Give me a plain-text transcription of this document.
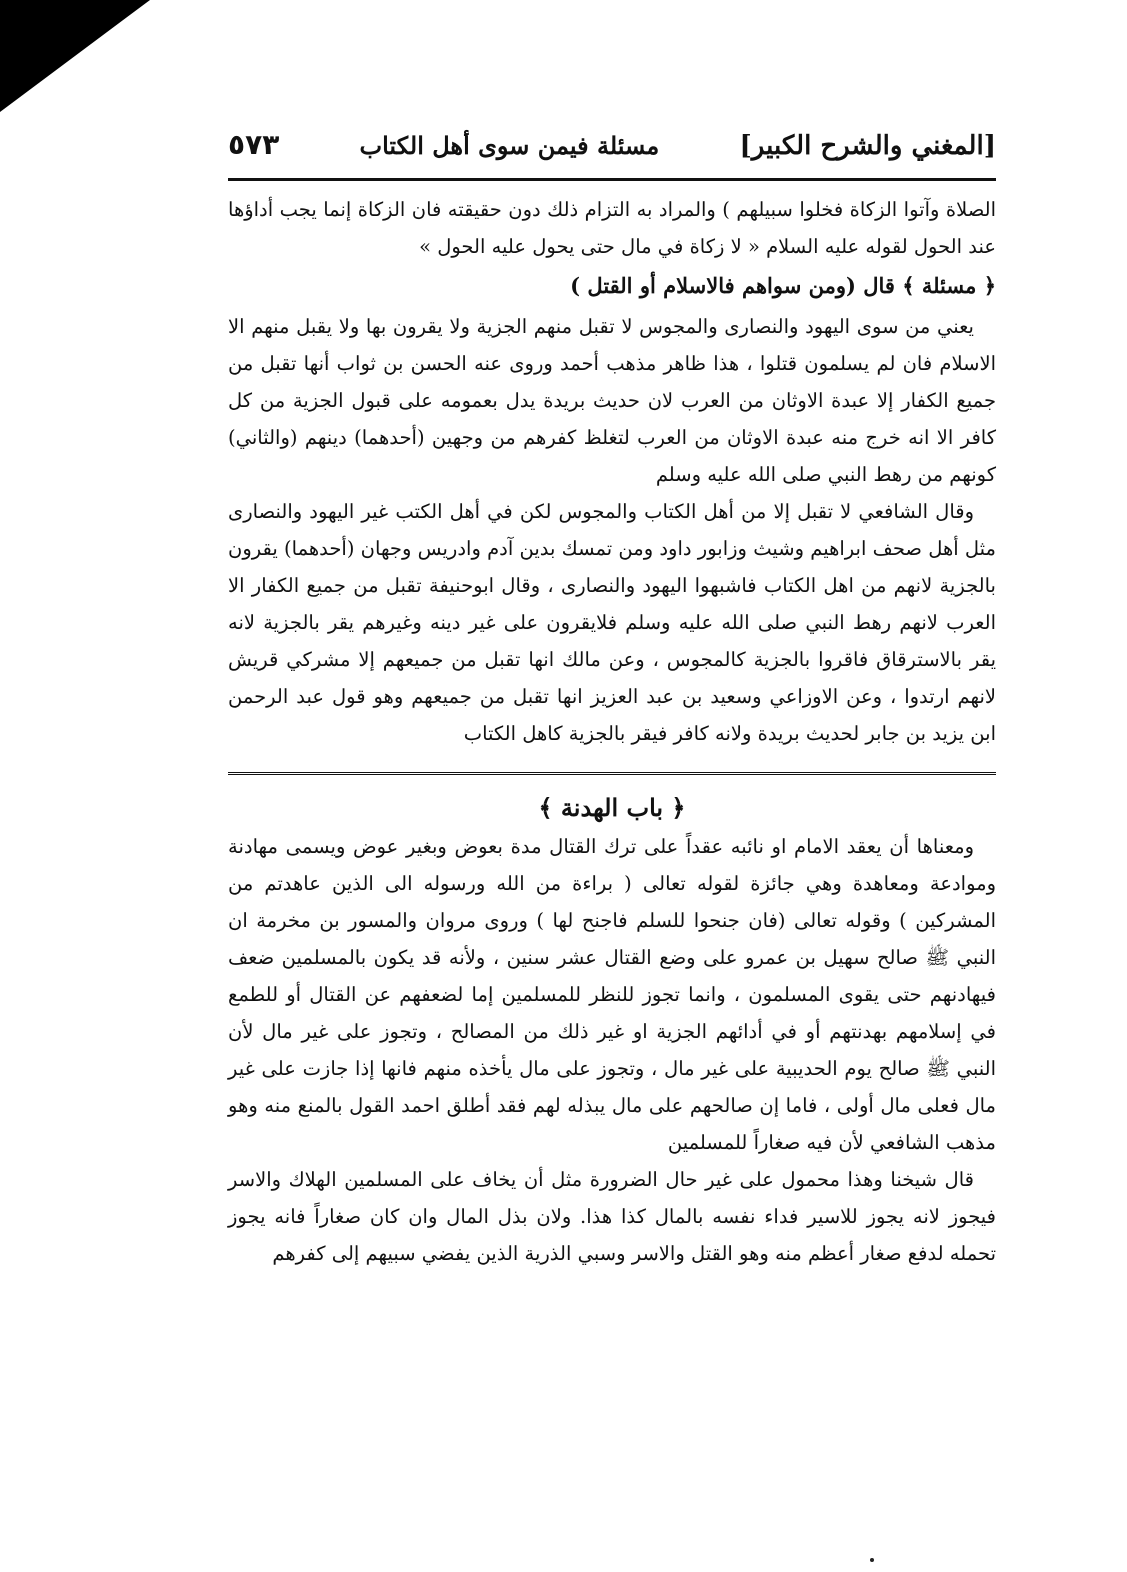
[المغني والشرح الكبير]
مسئلة فيمن سوى أهل الكتاب
٥٧٣

الصلاة وآتوا الزكاة فخلوا سبيلهم ) والمراد به التزام ذلك دون حقيقته فان الزكاة إنما يجب أداؤها عند الحول لقوله عليه السلام « لا زكاة في مال حتى يحول عليه الحول »

﴿ مسئلة ﴾ قال (ومن سواهم فالاسلام أو القتل )

يعني من سوى اليهود والنصارى والمجوس لا تقبل منهم الجزية ولا يقرون بها ولا يقبل منهم الا الاسلام فان لم يسلمون قتلوا ، هذا ظاهر مذهب أحمد وروى عنه الحسن بن ثواب أنها تقبل من جميع الكفار إلا عبدة الاوثان من العرب لان حديث بريدة يدل بعمومه على قبول الجزية من كل كافر الا انه خرج منه عبدة الاوثان من العرب لتغلظ كفرهم من وجهين (أحدهما) دينهم (والثاني) كونهم من رهط النبي صلى الله عليه وسلم

وقال الشافعي لا تقبل إلا من أهل الكتاب والمجوس لكن في أهل الكتب غير اليهود والنصارى مثل أهل صحف ابراهيم وشيث وزابور داود ومن تمسك بدين آدم وادريس وجهان (أحدهما) يقرون بالجزية لانهم من اهل الكتاب فاشبهوا اليهود والنصارى ، وقال ابوحنيفة تقبل من جميع الكفار الا العرب لانهم رهط النبي صلى الله عليه وسلم فلايقرون على غير دينه وغيرهم يقر بالجزية لانه يقر بالاسترقاق فاقروا بالجزية كالمجوس ، وعن مالك انها تقبل من جميعهم إلا مشركي قريش لانهم ارتدوا ، وعن الاوزاعي وسعيد بن عبد العزيز انها تقبل من جميعهم وهو قول عبد الرحمن ابن يزيد بن جابر لحديث بريدة ولانه كافر فيقر بالجزية كاهل الكتاب

﴿ باب الهدنة ﴾

ومعناها أن يعقد الامام او نائبه عقداً على ترك القتال مدة بعوض وبغير عوض ويسمى مهادنة وموادعة ومعاهدة وهي جائزة لقوله تعالى ( براءة من الله ورسوله الى الذين عاهدتم من المشركين ) وقوله تعالى (فان جنحوا للسلم فاجنح لها ) وروى مروان والمسور بن مخرمة ان النبي ﷺ صالح سهيل بن عمرو على وضع القتال عشر سنين ، ولأنه قد يكون بالمسلمين ضعف فيهادنهم حتى يقوى المسلمون ، وانما تجوز للنظر للمسلمين إما لضعفهم عن القتال أو للطمع في إسلامهم بهدنتهم أو في أدائهم الجزية او غير ذلك من المصالح ، وتجوز على غير مال لأن النبي ﷺ صالح يوم الحديبية على غير مال ، وتجوز على مال يأخذه منهم فانها إذا جازت على غير مال فعلى مال أولى ، فاما إن صالحهم على مال يبذله لهم فقد أطلق احمد القول بالمنع منه وهو مذهب الشافعي لأن فيه صغاراً للمسلمين

قال شيخنا وهذا محمول على غير حال الضرورة مثل أن يخاف على المسلمين الهلاك والاسر فيجوز لانه يجوز للاسير فداء نفسه بالمال كذا هذا. ولان بذل المال وان كان صغاراً فانه يجوز تحمله لدفع صغار أعظم منه وهو القتل والاسر وسبي الذرية الذين يفضي سبيهم إلى كفرهم
